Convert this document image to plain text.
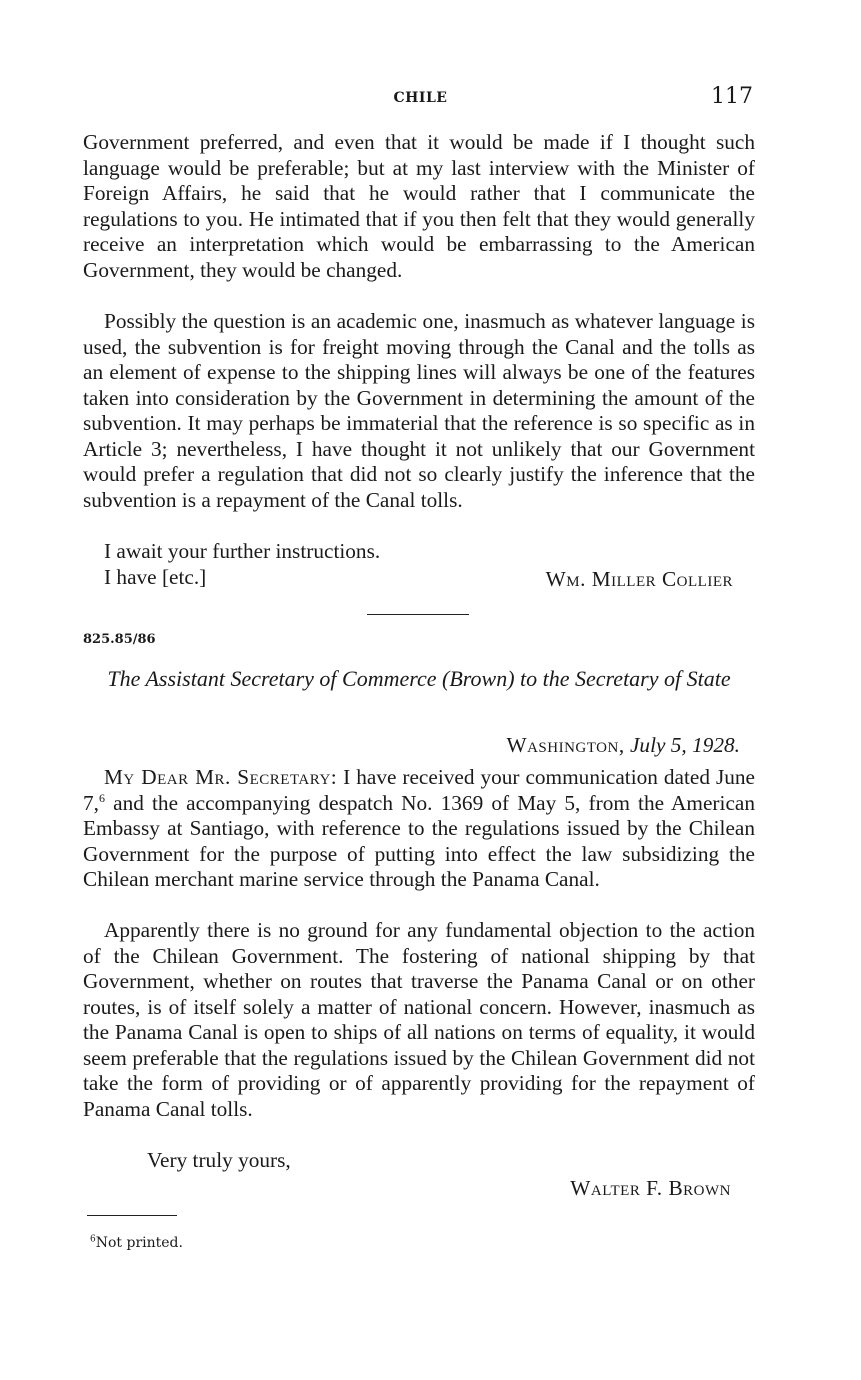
CHILE	117

Government preferred, and even that it would be made if I thought such language would be preferable; but at my last interview with the Minister of Foreign Affairs, he said that he would rather that I communicate the regulations to you. He intimated that if you then felt that they would generally receive an interpretation which would be embarrassing to the American Government, they would be changed.

Possibly the question is an academic one, inasmuch as whatever language is used, the subvention is for freight moving through the Canal and the tolls as an element of expense to the shipping lines will always be one of the features taken into consideration by the Government in determining the amount of the subvention. It may perhaps be immaterial that the reference is so specific as in Article 3; nevertheless, I have thought it not unlikely that our Government would prefer a regulation that did not so clearly justify the inference that the subvention is a repayment of the Canal tolls.

I await your further instructions.

I have [etc.]	Wm. Miller Collier
825.85/86
The Assistant Secretary of Commerce (Brown) to the Secretary of State
Washington, July 5, 1928.

My Dear Mr. Secretary: I have received your communication dated June 7,$^6$ and the accompanying despatch No. 1369 of May 5, from the American Embassy at Santiago, with reference to the regulations issued by the Chilean Government for the purpose of putting into effect the law subsidizing the Chilean merchant marine service through the Panama Canal.

Apparently there is no ground for any fundamental objection to the action of the Chilean Government. The fostering of national shipping by that Government, whether on routes that traverse the Panama Canal or on other routes, is of itself solely a matter of national concern. However, inasmuch as the Panama Canal is open to ships of all nations on terms of equality, it would seem preferable that the regulations issued by the Chilean Government did not take the form of providing or of apparently providing for the repayment of Panama Canal tolls.

Very truly yours,
Walter F. Brown
$^6$Not printed.
